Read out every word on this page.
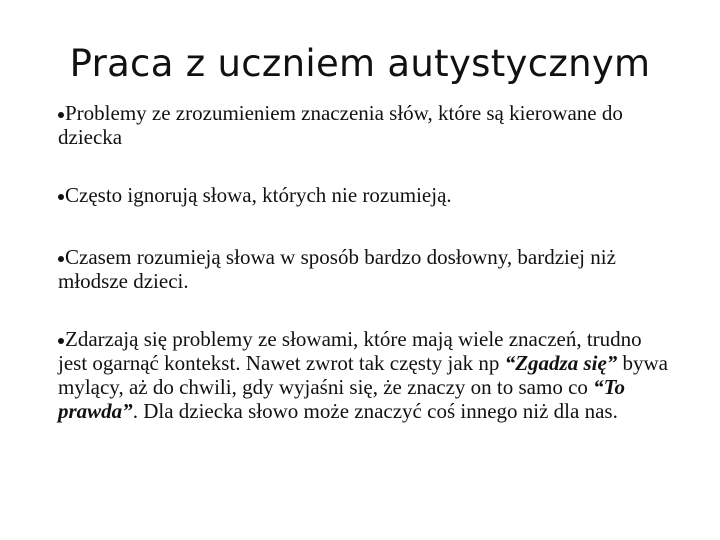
Praca z uczniem autystycznym

Problemy ze zrozumieniem znaczenia słów, które są kierowane do dziecka

Często ignorują słowa, których nie rozumieją.

Czasem rozumieją słowa w sposób bardzo dosłowny, bardziej niż młodsze dzieci.

Zdarzają się problemy ze słowami, które mają wiele znaczeń, trudno jest ogarnąć kontekst. Nawet zwrot tak częsty jak np “Zgadza się” bywa mylący, aż do chwili, gdy wyjaśni się, że znaczy on to samo co “To prawda”. Dla dziecka słowo może znaczyć coś innego niż dla nas.
